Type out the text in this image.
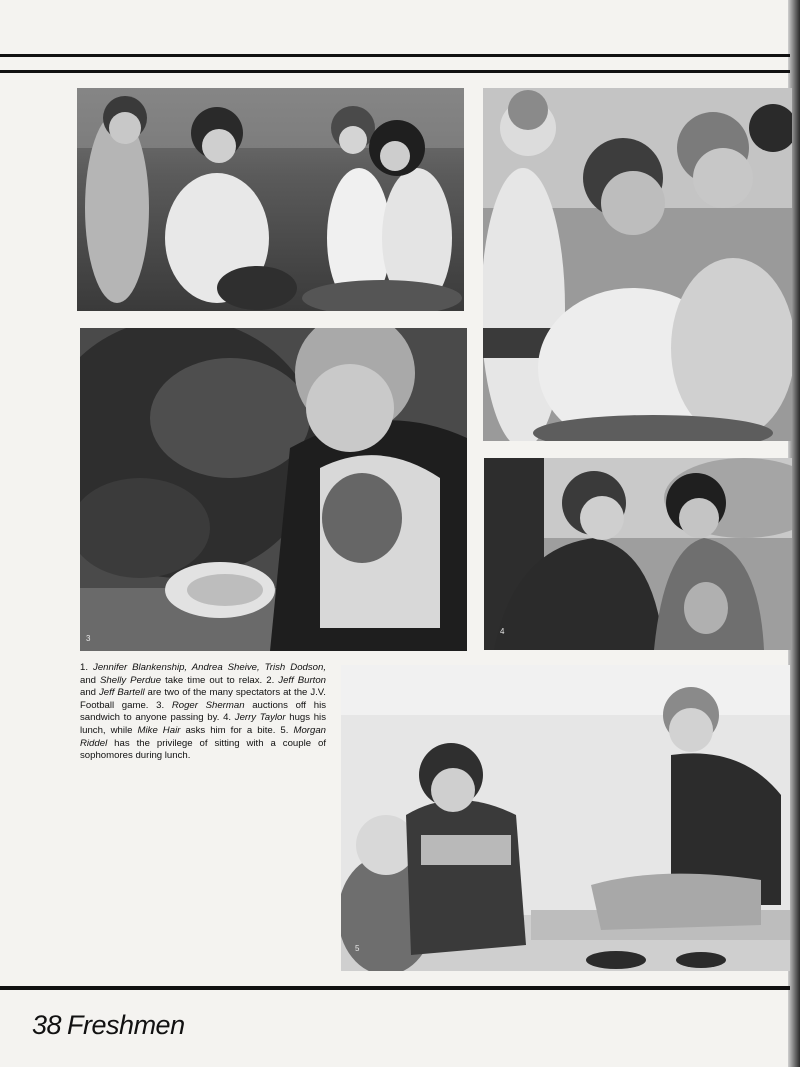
3
4
5
1. Jennifer Blankenship, Andrea Sheive, Trish Dodson, and Shelly Perdue take time out to relax. 2. Jeff Burton and Jeff Bartell are two of the many spectators at the J.V. Football game. 3. Roger Sherman auctions off his sandwich to anyone passing by. 4. Jerry Taylor hugs his lunch, while Mike Hair asks him for a bite. 5. Morgan Riddel has the privilege of sitting with a couple of sophomores during lunch.
38 Freshmen
